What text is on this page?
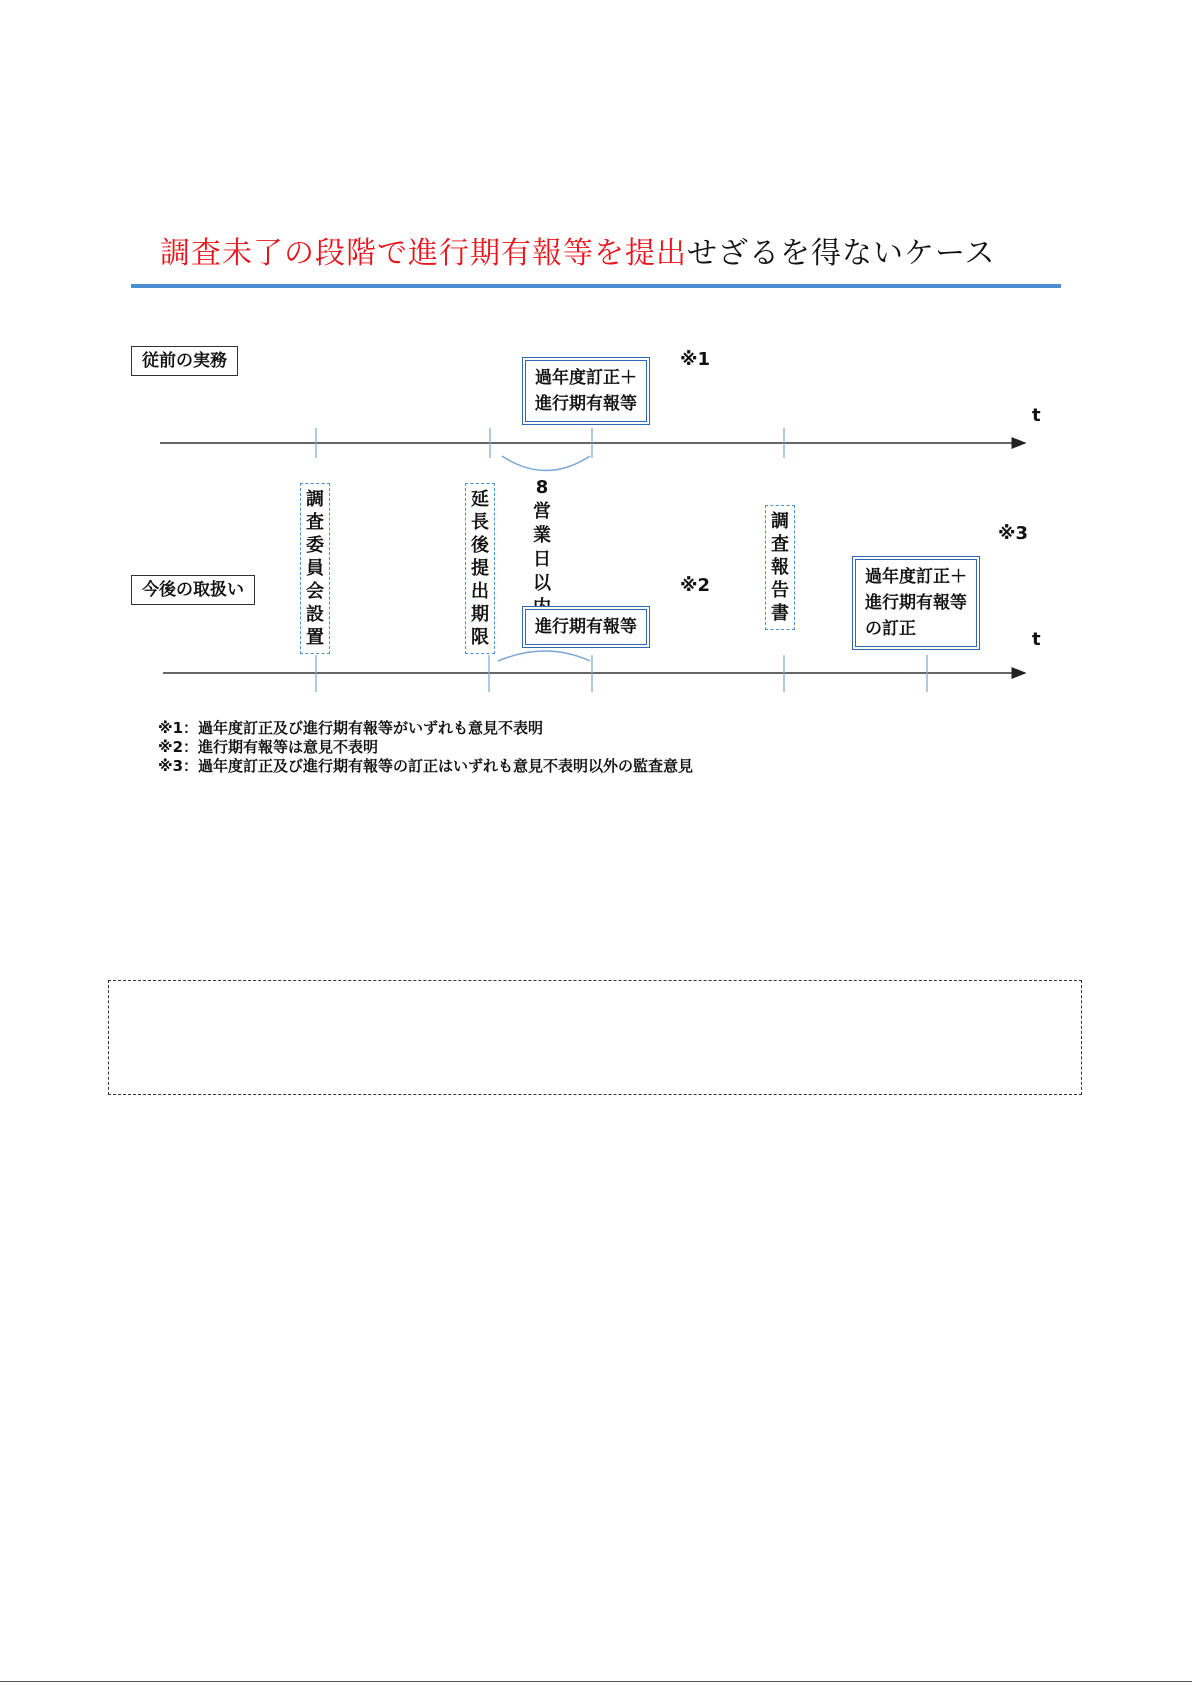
調査未了の段階で進行期有報等を提出せざるを得ないケース
従前の実務
今後の取扱い
t
t
過年度訂正＋
進行期有報等
※1
調査委員会設置
延長後提出期限
8営業日以
調査報告書
進行期有報等
※2	過年度訂正＋
進行期有報等
の訂正
※3
※1：過年度訂正及び進行期有報等がいずれも意見不表明
※2：進行期有報等は意見不表明
※3：過年度訂正及び進行期有報等の訂正はいずれも意見不表明以外の監査意見
